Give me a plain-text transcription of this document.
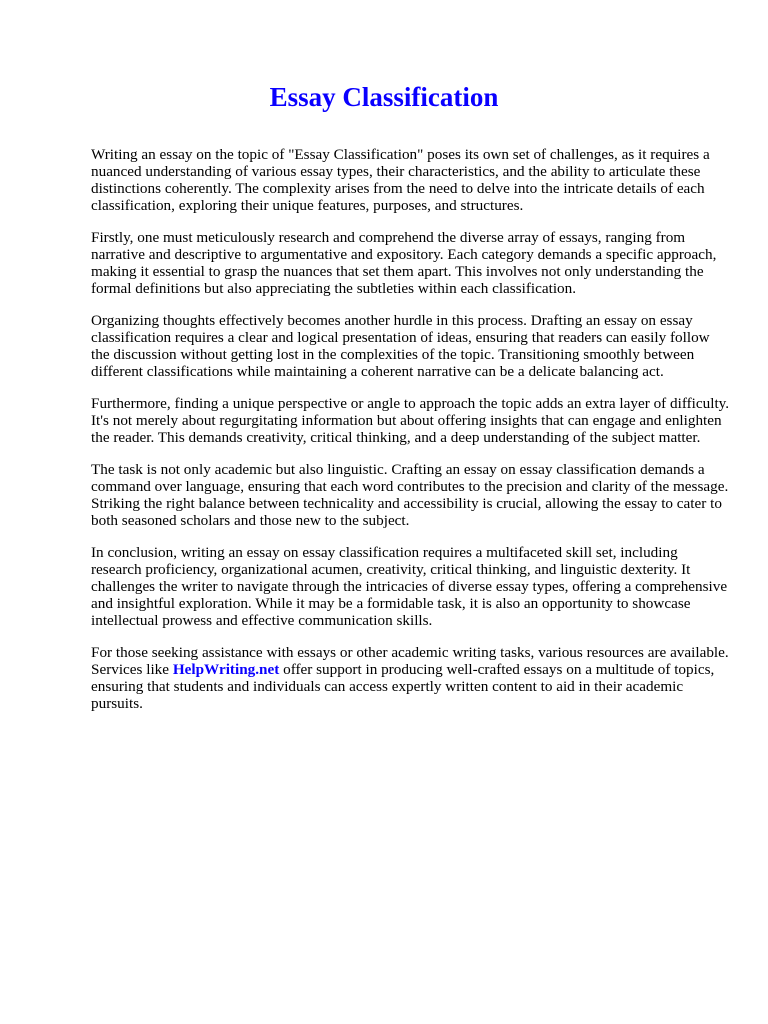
Essay Classification

Writing an essay on the topic of "Essay Classification" poses its own set of challenges, as it requires a nuanced understanding of various essay types, their characteristics, and the ability to articulate these distinctions coherently. The complexity arises from the need to delve into the intricate details of each classification, exploring their unique features, purposes, and structures.

Firstly, one must meticulously research and comprehend the diverse array of essays, ranging from narrative and descriptive to argumentative and expository. Each category demands a specific approach, making it essential to grasp the nuances that set them apart. This involves not only understanding the formal definitions but also appreciating the subtleties within each classification.

Organizing thoughts effectively becomes another hurdle in this process. Drafting an essay on essay classification requires a clear and logical presentation of ideas, ensuring that readers can easily follow the discussion without getting lost in the complexities of the topic. Transitioning smoothly between different classifications while maintaining a coherent narrative can be a delicate balancing act.

Furthermore, finding a unique perspective or angle to approach the topic adds an extra layer of difficulty. It's not merely about regurgitating information but about offering insights that can engage and enlighten the reader. This demands creativity, critical thinking, and a deep understanding of the subject matter.

The task is not only academic but also linguistic. Crafting an essay on essay classification demands a command over language, ensuring that each word contributes to the precision and clarity of the message. Striking the right balance between technicality and accessibility is crucial, allowing the essay to cater to both seasoned scholars and those new to the subject.

In conclusion, writing an essay on essay classification requires a multifaceted skill set, including research proficiency, organizational acumen, creativity, critical thinking, and linguistic dexterity. It challenges the writer to navigate through the intricacies of diverse essay types, offering a comprehensive and insightful exploration. While it may be a formidable task, it is also an opportunity to showcase intellectual prowess and effective communication skills.

For those seeking assistance with essays or other academic writing tasks, various resources are available. Services like HelpWriting.net offer support in producing well-crafted essays on a multitude of topics, ensuring that students and individuals can access expertly written content to aid in their academic pursuits.
